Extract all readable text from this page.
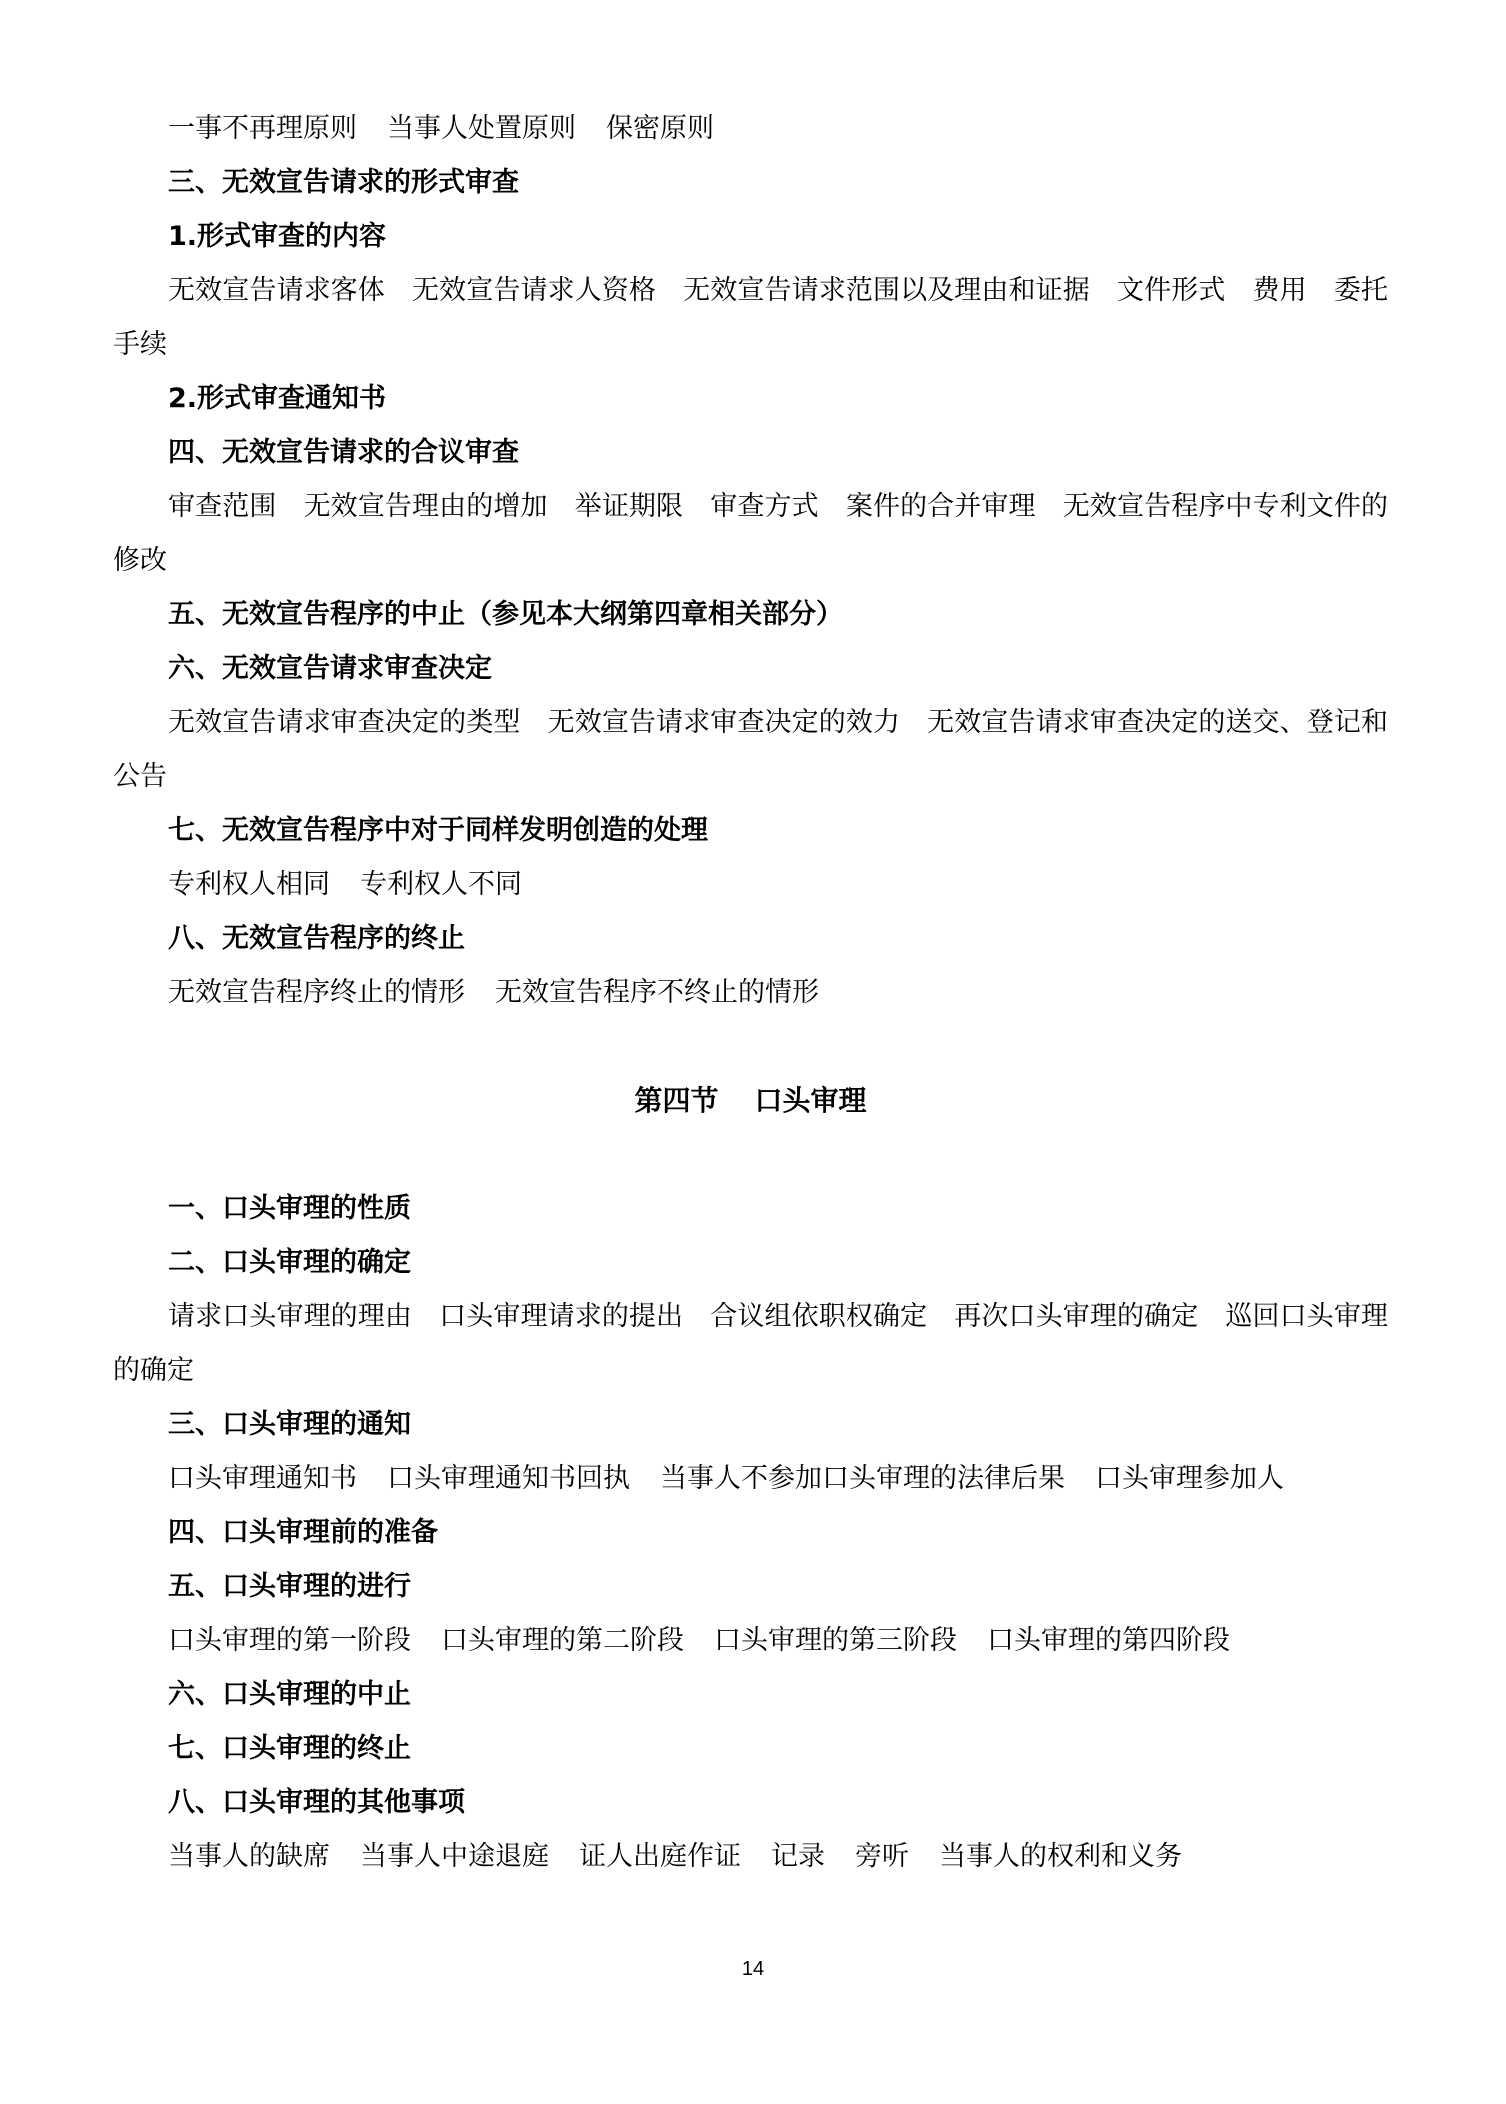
一事不再理原则 当事人处置原则 保密原则

三、无效宣告请求的形式审查

1.形式审查的内容

无效宣告请求客体　无效宣告请求人资格　无效宣告请求范围以及理由和证据　文件形式　费用　委托手续

2.形式审查通知书

四、无效宣告请求的合议审查

审查范围　无效宣告理由的增加　举证期限　审查方式　案件的合并审理　无效宣告程序中专利文件的修改

五、无效宣告程序的中止（参见本大纲第四章相关部分）

六、无效宣告请求审查决定

无效宣告请求审查决定的类型　无效宣告请求审查决定的效力　无效宣告请求审查决定的送交、登记和公告

七、无效宣告程序中对于同样发明创造的处理

专利权人相同 专利权人不同

八、无效宣告程序的终止

无效宣告程序终止的情形 无效宣告程序不终止的情形

第四节 口头审理

一、口头审理的性质

二、口头审理的确定

请求口头审理的理由　口头审理请求的提出　合议组依职权确定　再次口头审理的确定　巡回口头审理的确定

三、口头审理的通知

口头审理通知书 口头审理通知书回执 当事人不参加口头审理的法律后果 口头审理参加人

四、口头审理前的准备

五、口头审理的进行

口头审理的第一阶段 口头审理的第二阶段 口头审理的第三阶段 口头审理的第四阶段

六、口头审理的中止

七、口头审理的终止

八、口头审理的其他事项

当事人的缺席 当事人中途退庭 证人出庭作证 记录 旁听 当事人的权利和义务

14
